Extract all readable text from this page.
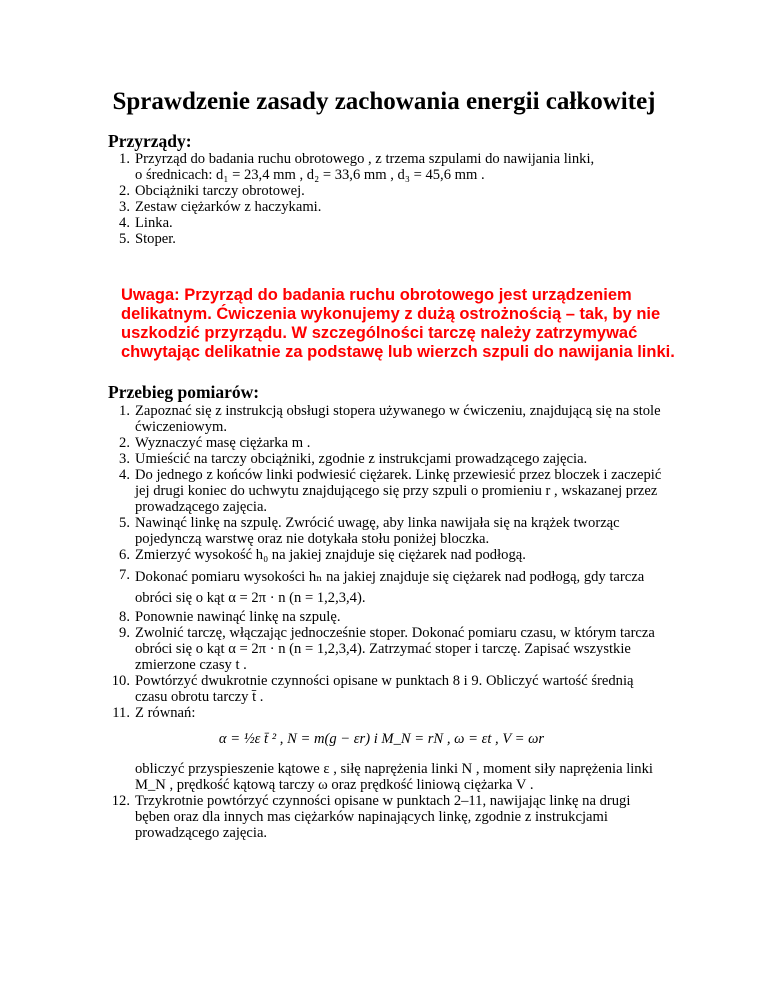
Sprawdzenie zasady zachowania energii całkowitej
Przyrządy:
1. Przyrząd do badania ruchu obrotowego , z trzema szpulami do nawijania linki,
o średnicach: d₁ = 23,4 mm , d₂ = 33,6 mm , d₃ = 45,6 mm .
2. Obciążniki tarczy obrotowej.
3. Zestaw ciężarków z haczykami.
4. Linka.
5. Stoper.

Uwaga: Przyrząd do badania ruchu obrotowego jest urządzeniem delikatnym. Ćwiczenia wykonujemy z dużą ostrożnością – tak, by nie uszkodzić przyrządu. W szczególności tarczę należy zatrzymywać chwytając delikatnie za podstawę lub wierzch szpuli do nawijania linki.

Przebieg pomiarów:
1. Zapoznać się z instrukcją obsługi stopera używanego w ćwiczeniu, znajdującą się na stole ćwiczeniowym.
2. Wyznaczyć masę ciężarka m .
3. Umieścić na tarczy obciążniki, zgodnie z instrukcjami prowadzącego zajęcia.
4. Do jednego z końców linki podwiesić ciężarek. Linkę przewiesić przez bloczek i zaczepić jej drugi koniec do uchwytu znajdującego się przy szpuli o promieniu r , wskazanej przez prowadzącego zajęcia.
5. Nawinąć linkę na szpulę. Zwrócić uwagę, aby linka nawijała się na krążek tworząc pojedynczą warstwę oraz nie dotykała stołu poniżej bloczka.
6. Zmierzyć wysokość h₀ na jakiej znajduje się ciężarek nad podłogą.
7. Dokonać pomiaru wysokości hₙ na jakiej znajduje się ciężarek nad podłogą, gdy tarcza obróci się o kąt α = 2π · n (n = 1,2,3,4).
8. Ponownie nawinąć linkę na szpulę.
9. Zwolnić tarczę, włączając jednocześnie stoper. Dokonać pomiaru czasu, w którym tarcza obróci się o kąt α = 2π · n (n = 1,2,3,4). Zatrzymać stoper i tarczę. Zapisać wszystkie zmierzone czasy t .
10. Powtórzyć dwukrotnie czynności opisane w punktach 8 i 9. Obliczyć wartość średnią czasu obrotu tarczy t̄ .
11. Z równań:
α = ½ε t̄ ² , N = m(g − εr) i M_N = rN , ω = εt , V = ωr
obliczyć przyspieszenie kątowe ε , siłę naprężenia linki N , moment siły naprężenia linki M_N , prędkość kątową tarczy ω oraz prędkość liniową ciężarka V .
12. Trzykrotnie powtórzyć czynności opisane w punktach 2–11, nawijając linkę na drugi bęben oraz dla innych mas ciężarków napinających linkę, zgodnie z instrukcjami prowadzącego zajęcia.
